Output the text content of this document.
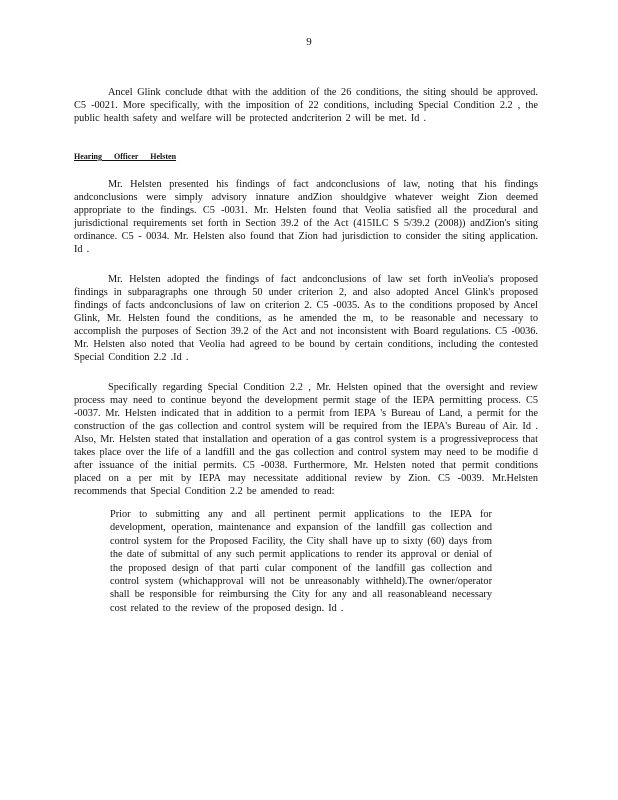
9

Ancel Glink conclude dthat with the addition of the 26 conditions, the siting should be approved. C5 -0021. More specifically, with the imposition of 22 conditions, including Special Condition 2.2 , the public health safety and welfare will be protected andcriterion 2 will be met. Id .

Hearing Officer Helsten

Mr. Helsten presented his findings of fact andconclusions of law, noting that his findings andconclusions were simply advisory innature andZion shouldgive whatever weight Zion deemed appropriate to the findings. C5 -0031. Mr. Helsten found that Veolia satisfied all the procedural and jurisdictional requirements set forth in Section 39.2 of the Act (415ILC S 5/39.2 (2008)) andZion's siting ordinance. C5 - 0034. Mr. Helsten also found that Zion had jurisdiction to consider the siting application. Id .

Mr. Helsten adopted the findings of fact andconclusions of law set forth inVeolia's proposed findings in subparagraphs one through 50 under criterion 2, and also adopted Ancel Glink's proposed findings of facts andconclusions of law on criterion 2. C5 -0035. As to the conditions proposed by Ancel Glink, Mr. Helsten found the conditions, as he amended the m, to be reasonable and necessary to accomplish the purposes of Section 39.2 of the Act and not inconsistent with Board regulations. C5 -0036. Mr. Helsten also noted that Veolia had agreed to be bound by certain conditions, including the contested Special Condition 2.2 .Id .

Specifically regarding Special Condition 2.2 , Mr. Helsten opined that the oversight and review process may need to continue beyond the development permit stage of the IEPA permitting process. C5 -0037. Mr. Helsten indicated that in addition to a permit from IEPA 's Bureau of Land, a permit for the construction of the gas collection and control system will be required from the IEPA's Bureau of Air. Id . Also, Mr. Helsten stated that installation and operation of a gas control system is a progressiveprocess that takes place over the life of a landfill and the gas collection and control system may need to be modifie d after issuance of the initial permits. C5 -0038. Furthermore, Mr. Helsten noted that permit conditions placed on a per mit by IEPA may necessitate additional review by Zion. C5 -0039. Mr.Helsten recommends that Special Condition 2.2 be amended to read:

Prior to submitting any and all pertinent permit applications to the IEPA for development, operation, maintenance and expansion of the landfill gas collection and control system for the Proposed Facility, the City shall have up to sixty (60) days from the date of submittal of any such permit applications to render its approval or denial of the proposed design of that parti cular component of the landfill gas collection and control system (whichapproval will not be unreasonably withheld).The owner/operator shall be responsible for reimbursing the City for any and all reasonableand necessary cost related to the review of the proposed design. Id .
